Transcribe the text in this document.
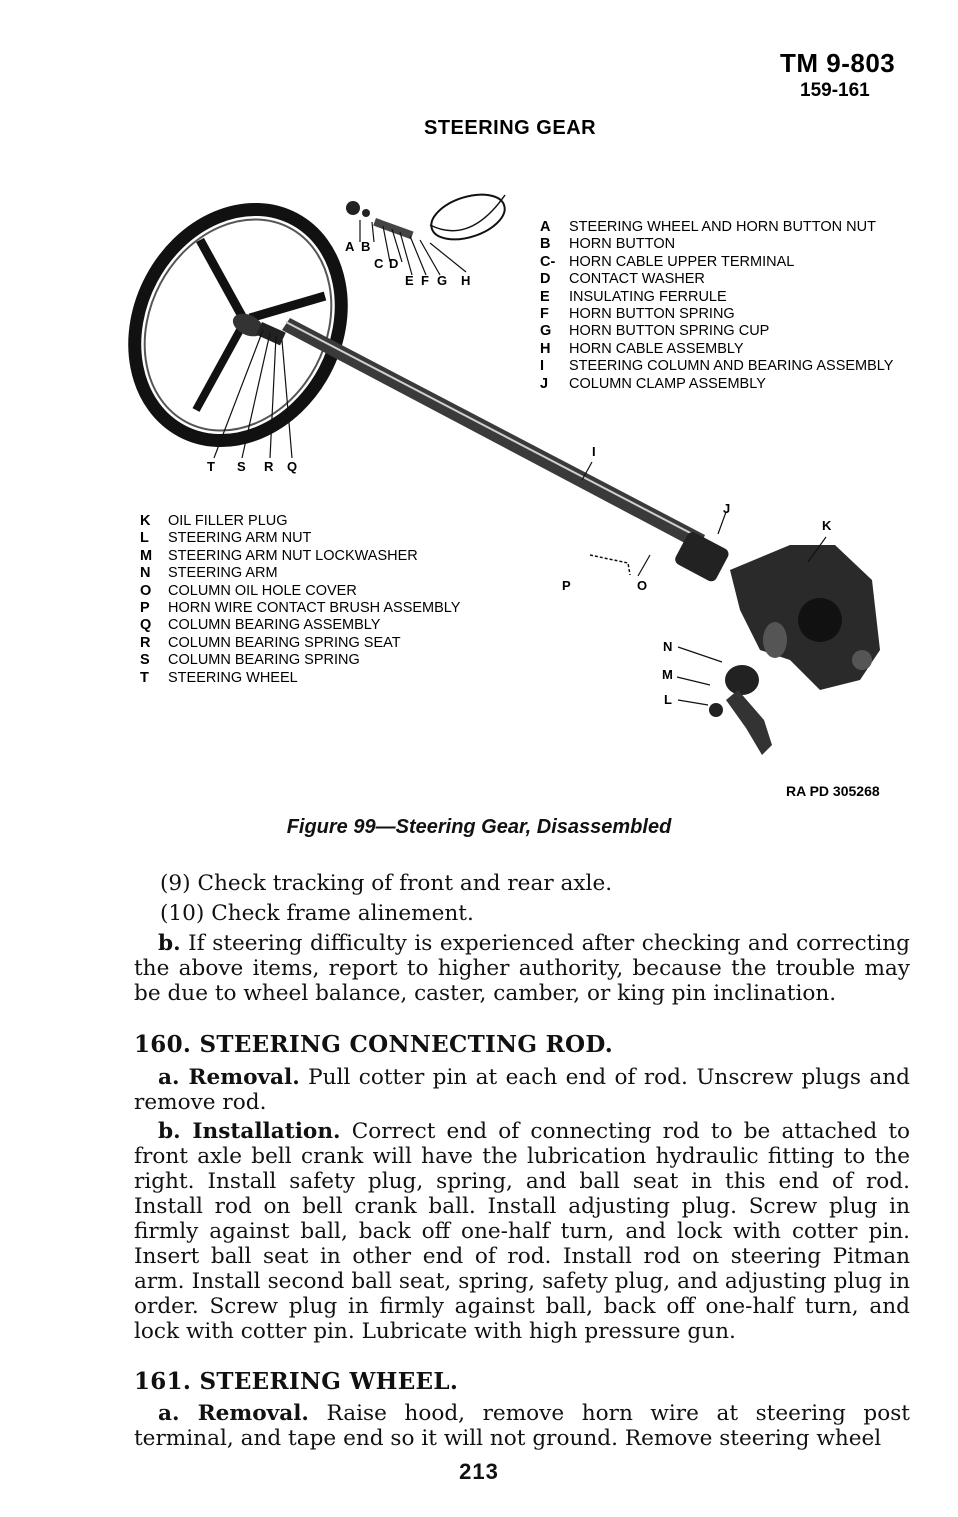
TM 9-803
159-161
STEERING GEAR
A B
C D
E F G H
T S R Q
I
J
K
P	O
N
M
L
A	STEERING WHEEL AND HORN BUTTON NUT
B	HORN BUTTON
C- HORN CABLE UPPER TERMINAL
D	CONTACT WASHER
E	INSULATING FERRULE
F	HORN BUTTON SPRING
G	HORN BUTTON SPRING CUP
H	HORN CABLE ASSEMBLY
I	STEERING COLUMN AND BEARING ASSEMBLY
J	COLUMN CLAMP ASSEMBLY
K	OIL FILLER PLUG
L	STEERING ARM NUT
M	STEERING ARM NUT LOCKWASHER
N	STEERING ARM
O	COLUMN OIL HOLE COVER
P	HORN WIRE CONTACT BRUSH ASSEMBLY
Q	COLUMN BEARING ASSEMBLY
R	COLUMN BEARING SPRING SEAT
S	COLUMN BEARING SPRING
T	STEERING WHEEL
RA PD 305268
Figure 99—Steering Gear, Disassembled
(9) Check tracking of front and rear axle.
(10) Check frame alinement.
b. If steering difficulty is experienced after checking and correcting the above items, report to higher authority, because the trouble may be due to wheel balance, caster, camber, or king pin inclination.
160. STEERING CONNECTING ROD.
a. Removal. Pull cotter pin at each end of rod. Unscrew plugs and remove rod.
b. Installation. Correct end of connecting rod to be attached to front axle bell crank will have the lubrication hydraulic fitting to the right. Install safety plug, spring, and ball seat in this end of rod. Install rod on bell crank ball. Install adjusting plug. Screw plug in firmly against ball, back off one-half turn, and lock with cotter pin. Insert ball seat in other end of rod. Install rod on steering Pitman arm. Install second ball seat, spring, safety plug, and adjusting plug in order. Screw plug in firmly against ball, back off one-half turn, and lock with cotter pin. Lubricate with high pressure gun.
161. STEERING WHEEL.
a. Removal. Raise hood, remove horn wire at steering post terminal, and tape end so it will not ground. Remove steering wheel
213
